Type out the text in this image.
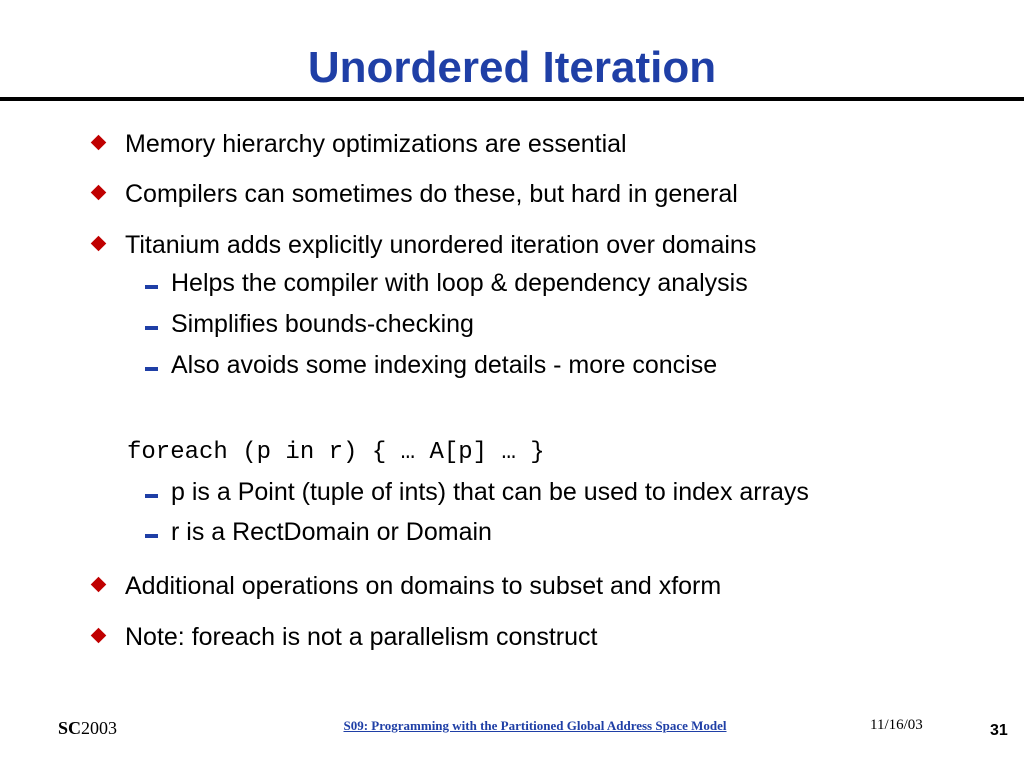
Unordered Iteration
Memory hierarchy optimizations are essential
Compilers can sometimes do these, but hard in general
Titanium adds explicitly unordered iteration over domains
Helps the compiler with loop & dependency analysis
Simplifies bounds-checking
Also avoids some indexing details - more concise
foreach (p in r) { … A[p] … }
p is a Point (tuple of ints) that can be used to index arrays
r is a RectDomain or Domain
Additional operations on domains to subset and xform
Note: foreach is not a parallelism construct
SC2003	S09: Programming with the Partitioned Global Address Space Model	11/16/03	31
